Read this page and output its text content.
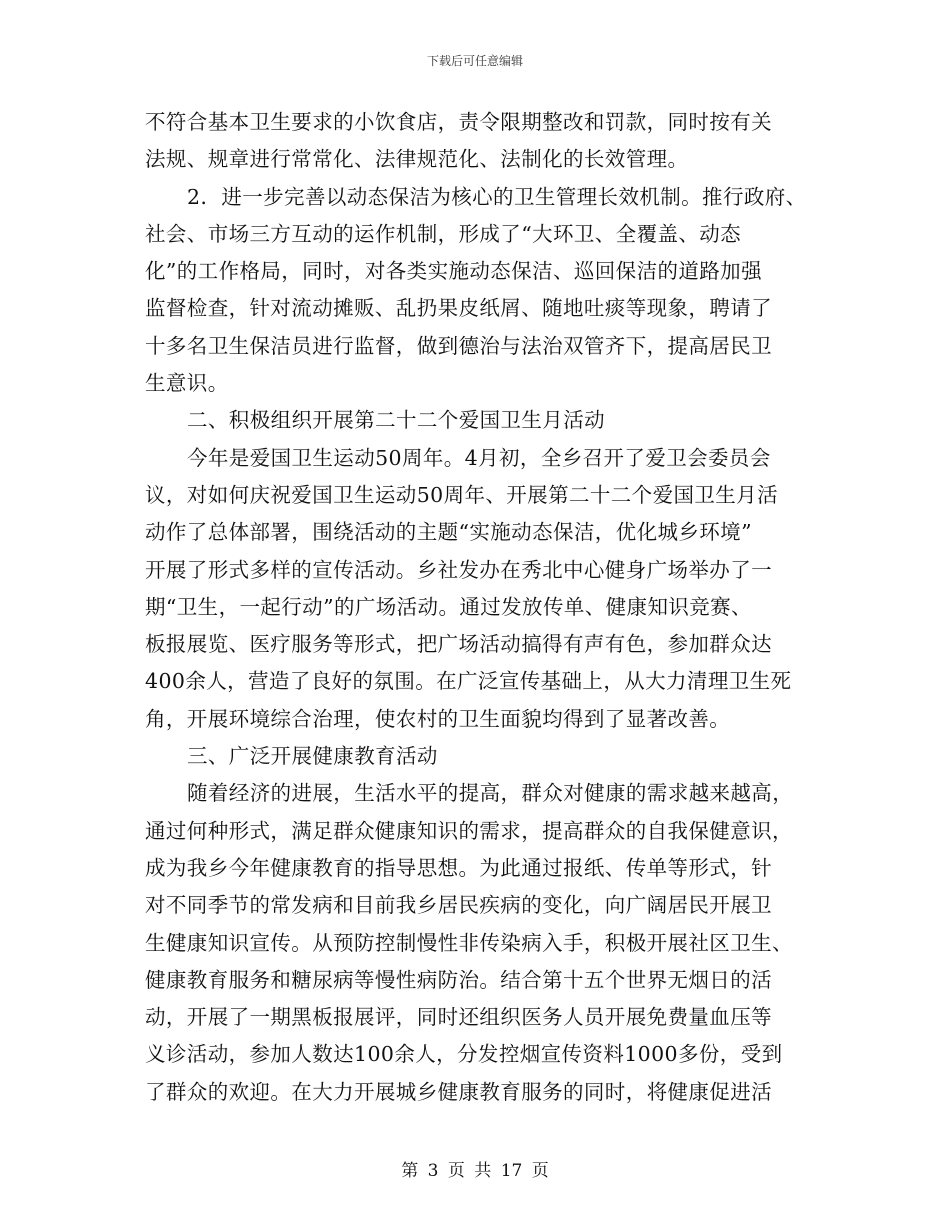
下载后可任意编辑
不符合基本卫生要求的小饮食店，责令限期整改和罚款，同时按有关
法规、规章进行常常化、法律规范化、法制化的长效管理。
2．进一步完善以动态保洁为核心的卫生管理长效机制。推行政府、
社会、市场三方互动的运作机制，形成了“大环卫、全覆盖、动态
化”的工作格局，同时，对各类实施动态保洁、巡回保洁的道路加强
监督检查，针对流动摊贩、乱扔果皮纸屑、随地吐痰等现象，聘请了
十多名卫生保洁员进行监督，做到德治与法治双管齐下，提高居民卫
生意识。
二、积极组织开展第二十二个爱国卫生月活动
今年是爱国卫生运动50周年。4月初，全乡召开了爱卫会委员会
议，对如何庆祝爱国卫生运动50周年、开展第二十二个爱国卫生月活
动作了总体部署，围绕活动的主题“实施动态保洁，优化城乡环境”
开展了形式多样的宣传活动。乡社发办在秀北中心健身广场举办了一
期“卫生，一起行动”的广场活动。通过发放传单、健康知识竞赛、
板报展览、医疗服务等形式，把广场活动搞得有声有色，参加群众达
400余人，营造了良好的氛围。在广泛宣传基础上，从大力清理卫生死
角，开展环境综合治理，使农村的卫生面貌均得到了显著改善。
三、广泛开展健康教育活动
随着经济的进展，生活水平的提高，群众对健康的需求越来越高，
通过何种形式，满足群众健康知识的需求，提高群众的自我保健意识，
成为我乡今年健康教育的指导思想。为此通过报纸、传单等形式，针
对不同季节的常发病和目前我乡居民疾病的变化，向广阔居民开展卫
生健康知识宣传。从预防控制慢性非传染病入手，积极开展社区卫生、
健康教育服务和糖尿病等慢性病防治。结合第十五个世界无烟日的活
动，开展了一期黑板报展评，同时还组织医务人员开展免费量血压等
义诊活动，参加人数达100余人，分发控烟宣传资料1000多份，受到
了群众的欢迎。在大力开展城乡健康教育服务的同时，将健康促进活
第 3 页 共 17 页
